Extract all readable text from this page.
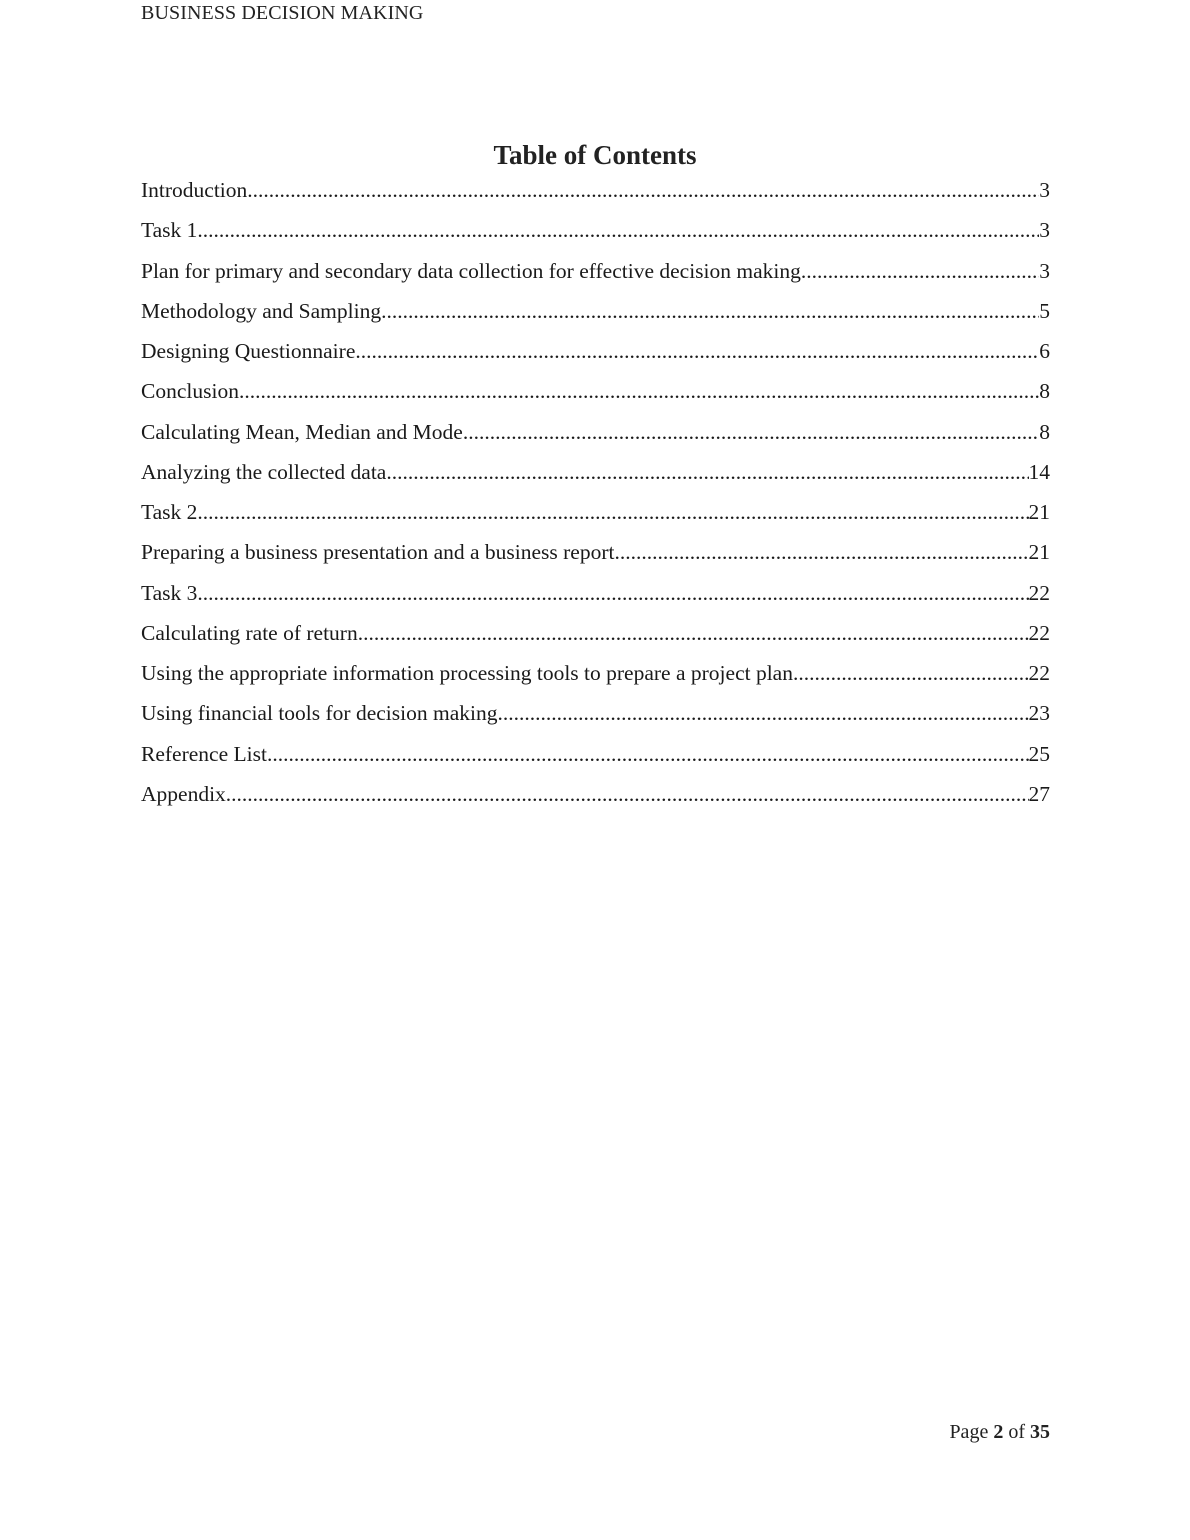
BUSINESS DECISION MAKING
Table of Contents
Introduction .....	3
Task 1 .....	3
Plan for primary and secondary data collection for effective decision making .....	3
Methodology and Sampling .....	5
Designing Questionnaire .....	6
Conclusion .....	8
Calculating Mean, Median and Mode .....	8
Analyzing the collected data .....	14
Task 2 .....	21
Preparing a business presentation and a business report .....	21
Task 3 .....	22
Calculating rate of return .....	22
Using the appropriate information processing tools to prepare a project plan .....	22
Using financial tools for decision making .....	23
Reference List .....	25
Appendix .....	27
Page 2 of 35
